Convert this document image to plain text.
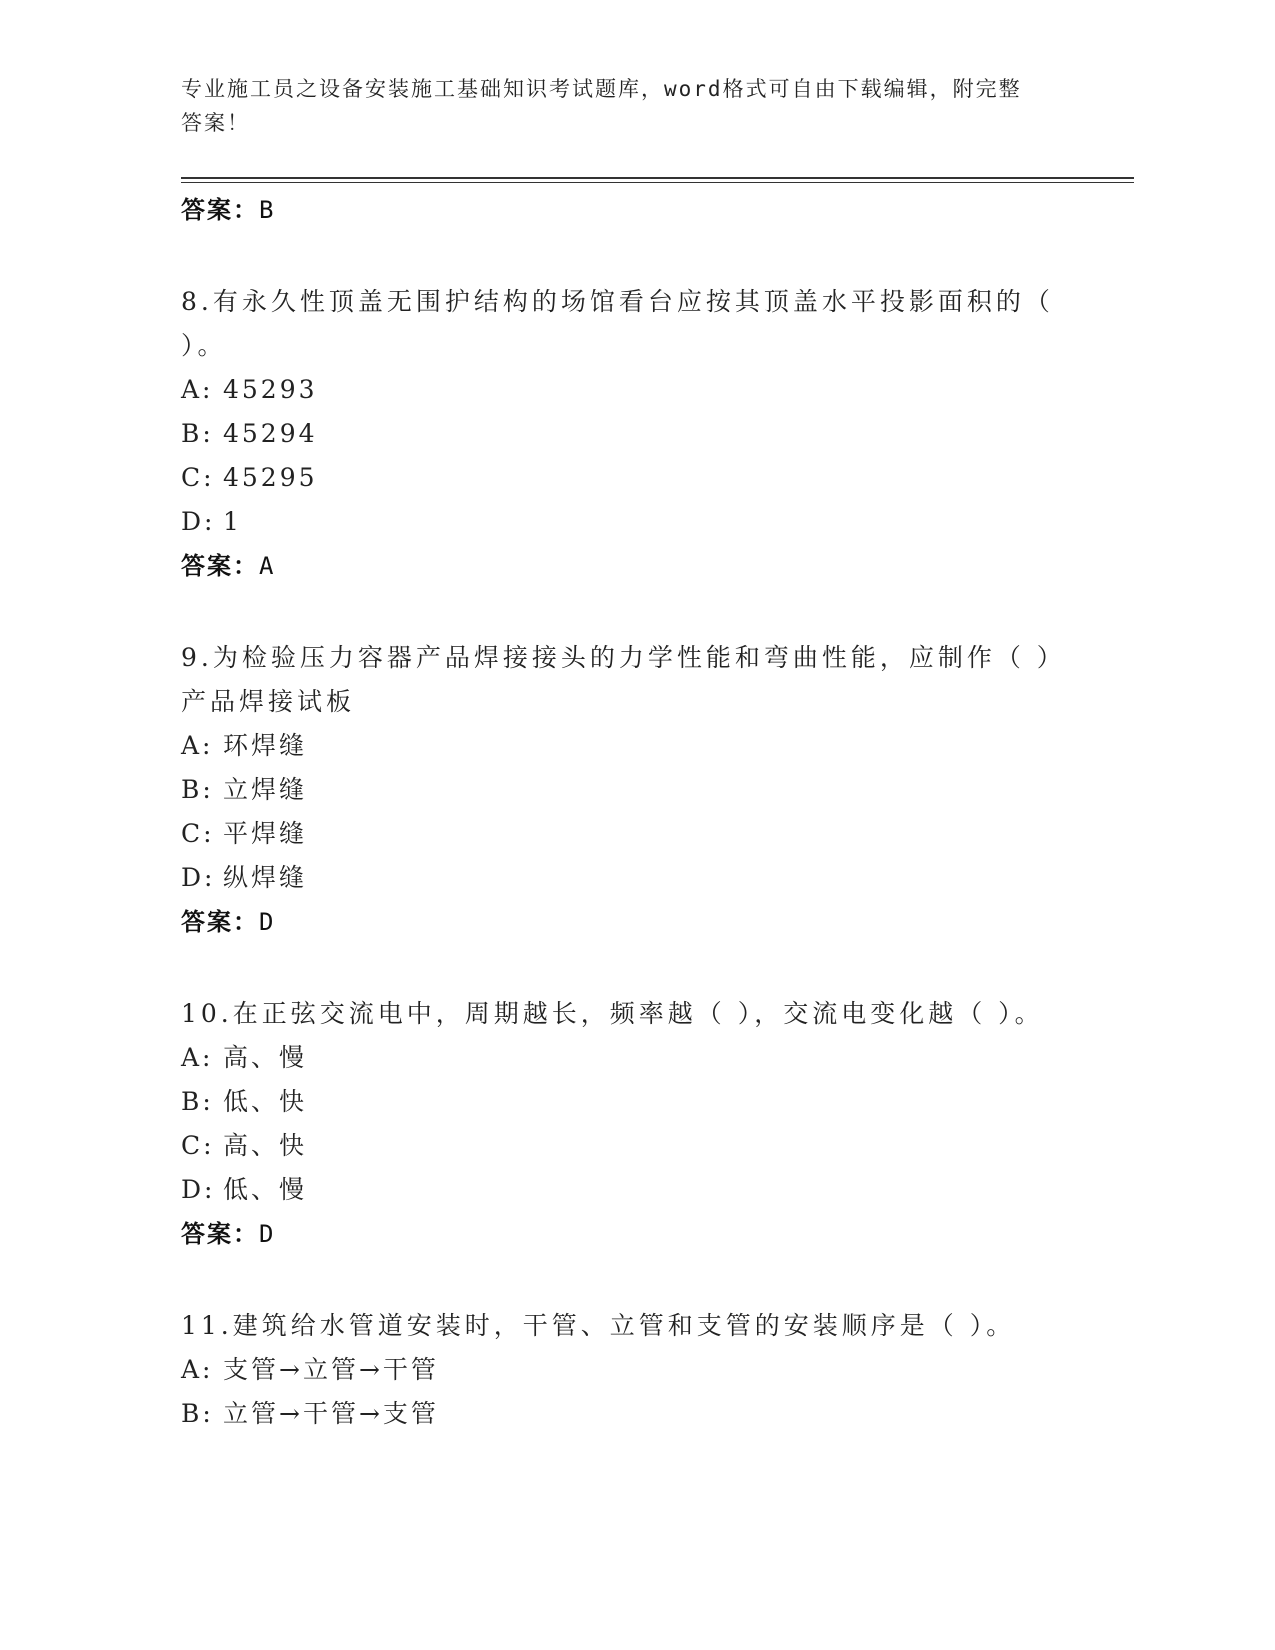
专业施工员之设备安装施工基础知识考试题库，word格式可自由下载编辑，附完整答案！
答案：B
8.有永久性顶盖无围护结构的场馆看台应按其顶盖水平投影面积的（ ）。
A: 45293
B: 45294
C: 45295
D: 1
答案：A
9.为检验压力容器产品焊接接头的力学性能和弯曲性能，应制作（ ）产品焊接试板
A: 环焊缝
B: 立焊缝
C: 平焊缝
D: 纵焊缝
答案：D
10.在正弦交流电中，周期越长，频率越（ ），交流电变化越（ ）。
A: 高、慢
B: 低、快
C: 高、快
D: 低、慢
答案：D
11.建筑给水管道安装时，干管、立管和支管的安装顺序是（ ）。
A: 支管→立管→干管
B: 立管→干管→支管
